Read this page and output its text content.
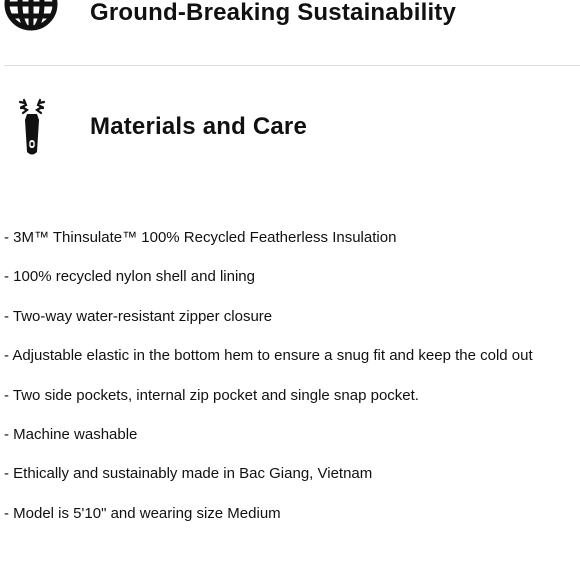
Ground-Breaking Sustainability
Materials and Care
- 3M™ Thinsulate™ 100% Recycled Featherless Insulation
- 100% recycled nylon shell and lining
- Two-way water-resistant zipper closure
- Adjustable elastic in the bottom hem to ensure a snug fit and keep the cold out
- Two side pockets, internal zip pocket and single snap pocket.
- Machine washable
- Ethically and sustainably made in Bac Giang, Vietnam
- Model is 5'10" and wearing size Medium
